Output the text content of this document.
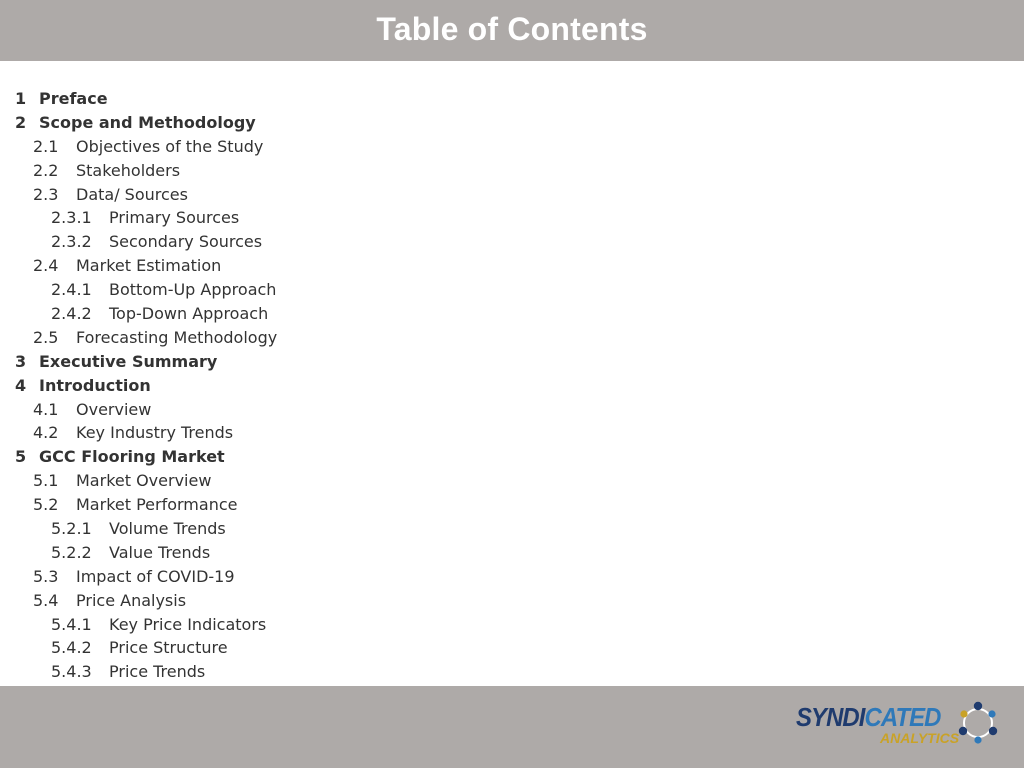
Table of Contents
1 Preface
2 Scope and Methodology
2.1	Objectives of the Study
2.2	Stakeholders
2.3	Data/ Sources
2.3.1	Primary Sources
2.3.2	Secondary Sources
2.4	Market Estimation
2.4.1	Bottom-Up Approach
2.4.2	Top-Down Approach
2.5	Forecasting Methodology
3 Executive Summary
4 Introduction
4.1	Overview
4.2	Key Industry Trends
5 GCC Flooring Market
5.1	Market Overview
5.2	Market Performance
5.2.1	Volume Trends
5.2.2	Value Trends
5.3	Impact of COVID-19
5.4	Price Analysis
5.4.1	Key Price Indicators
5.4.2	Price Structure
5.4.3	Price Trends
SYNDICATED
ANALYTICS
